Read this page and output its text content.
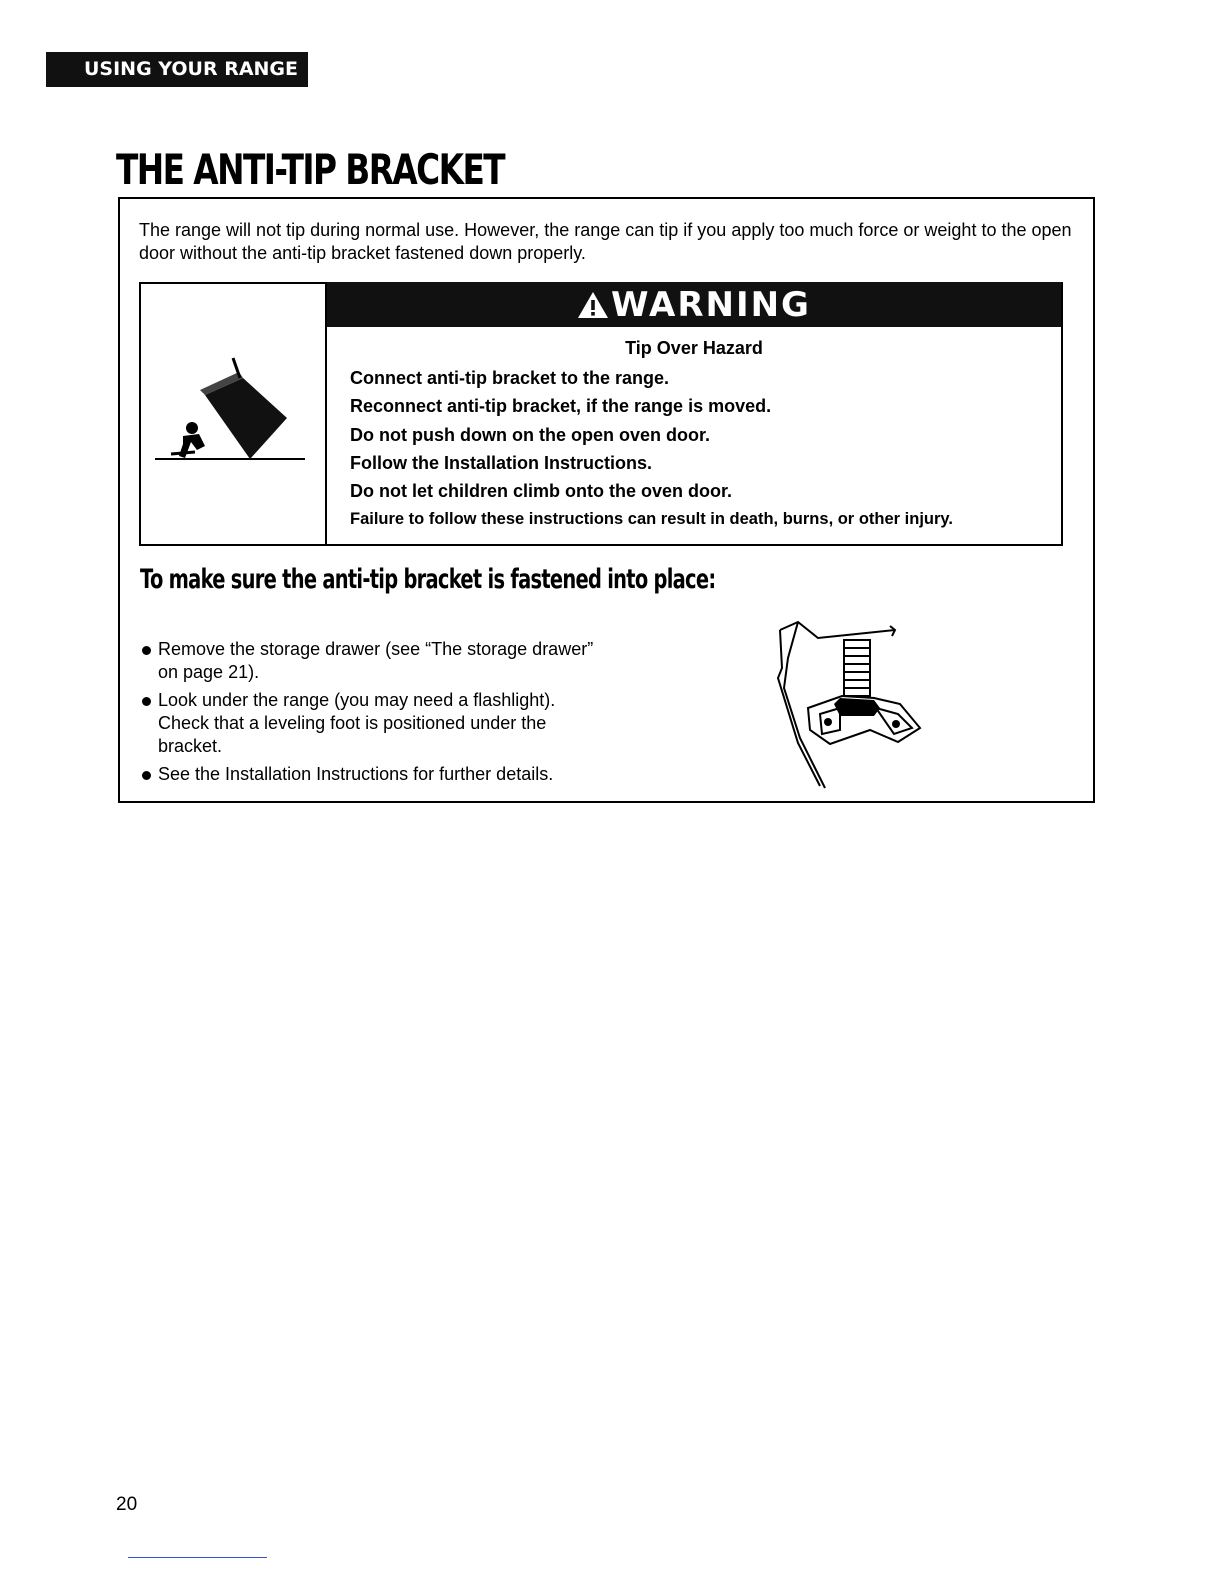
USING YOUR RANGE
THE ANTI-TIP BRACKET
The range will not tip during normal use. However, the range can tip if you apply too much force or weight to the open door without the anti-tip bracket fastened down properly.
WARNING
Tip Over Hazard
Connect anti-tip bracket to the range.
Reconnect anti-tip bracket, if the range is moved.
Do not push down on the open oven door.
Follow the Installation Instructions.
Do not let children climb onto the oven door.
Failure to follow these instructions can result in death, burns, or other injury.
To make sure the anti-tip bracket is fastened into place:
Remove the storage drawer (see “The storage drawer” on page 21).
Look under the range (you may need a flashlight). Check that a leveling foot is positioned under the bracket.
See the Installation Instructions for further details.
20
